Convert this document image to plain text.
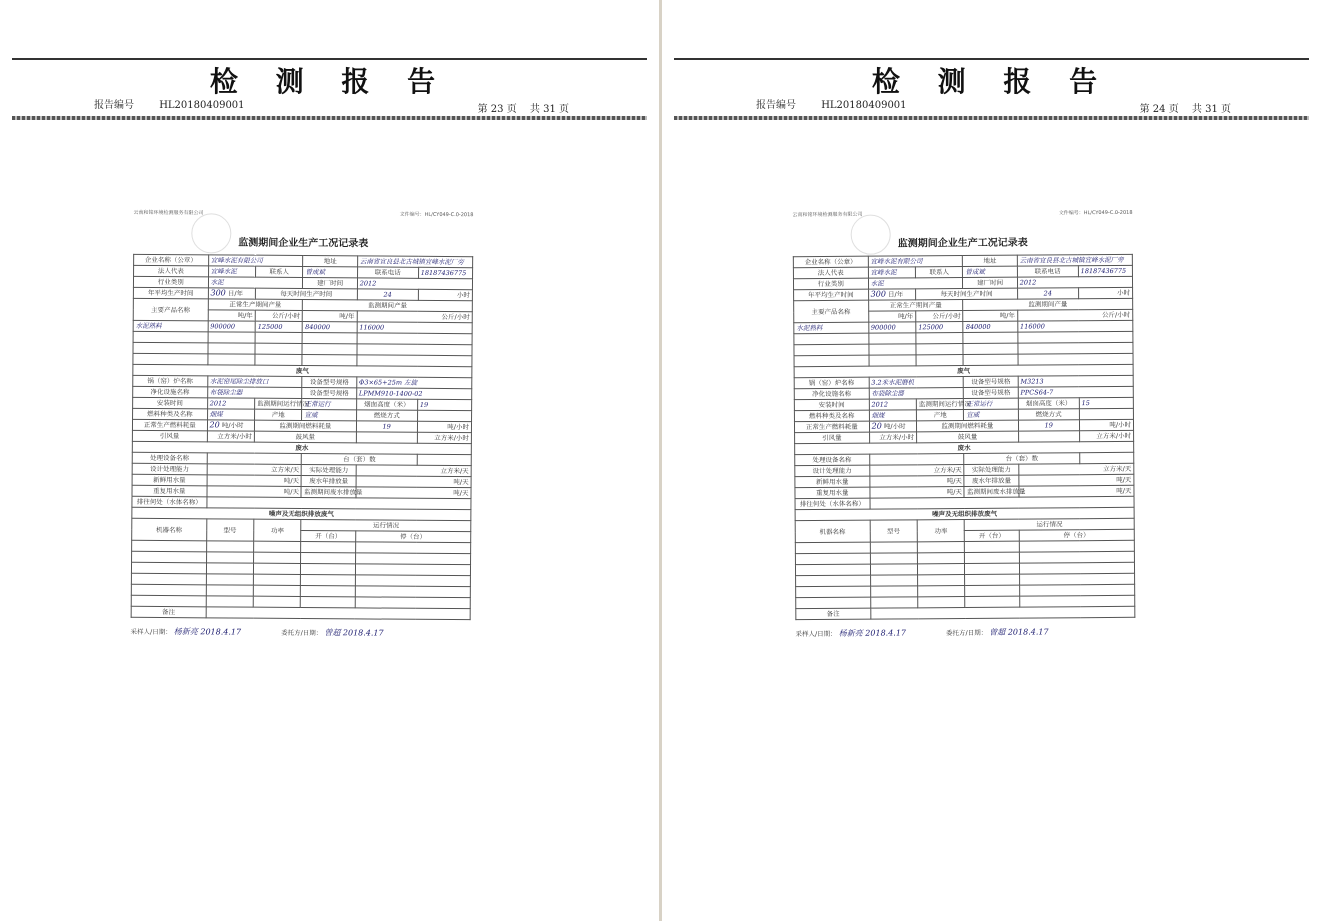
检 测 报 告
报告编号	HL20180409001	第 23 页 共 31 页
云南和铭环境检测服务有限公司	文件编号：HL/CY049-C.0-2018
监测期间企业生产工况记录表
企业名称（公章）	宜峰水泥有限公司		地址	云南省宜良县北古城镇宜峰水泥厂旁	
法人代表	宜峰水泥	联系人	曾成斌	联系电话	18187436775
行业类别	水泥		建厂时间	2012	
年平均生产时间	300 日/年	每天时间生产时间		24	小时
主要产品名称	正常生产期间产量		监测期间产量		
	吨/年	公斤/小时	吨/年	公斤/小时	
水泥熟料	900000	125000	840000	116000	

废气					
锅（窑）炉名称	水泥窑尾除尘排放口		设备型号规格	Φ3×65+25m 左旋	
净化设施名称	布袋除尘器		设备型号规格	LPMM910-1400-02	
安装时间	2012	监测期间运行情况	正常运行	烟囱高度（米）	19
燃料种类及名称	烟煤	产地	宣威	燃烧方式	
正常生产燃料耗量	20 吨/小时	监测期间燃料耗量		19	吨/小时
引风量	立方米/小时	鼓风量			立方米/小时
废水					
处理设备名称			台（套）数		
设计处理能力	立方米/天		实际处理能力	立方米/天	
新鲜用水量	吨/天		废水年排放量	吨/天	
重复用水量	吨/天		监测期间废水排放量	吨/天	
排往何处（水体名称）					
噪声及无组织排放废气					
机器名称	型号	功率	运行情况		
			开（台）	停（台）	

备注					
采样人/日期： 杨新亮 2018.4.17	委托方/日期： 曾超 2018.4.17
检 测 报 告
报告编号	HL20180409001	第 24 页 共 31 页
云南和铭环境检测服务有限公司	文件编号：HL/CY049-C.0-2018
监测期间企业生产工况记录表
企业名称（公章）	宜峰水泥有限公司		地址	云南省宜良县北古城镇宜峰水泥厂旁	
法人代表	宜峰水泥	联系人	曾成斌	联系电话	18187436775
行业类别	水泥		建厂时间	2012	
年平均生产时间	300 日/年	每天时间生产时间		24	小时
主要产品名称	正常生产期间产量		监测期间产量		
	吨/年	公斤/小时	吨/年	公斤/小时	
水泥熟料	900000	125000	840000	116000	

废气					
锅（窑）炉名称	3.2米水泥磨机		设备型号规格	M3213	
净化设施名称	布袋除尘器		设备型号规格	PPCS64-7	
安装时间	2012	监测期间运行情况	正常运行	烟囱高度（米）	15
燃料种类及名称	烟煤	产地	宣威	燃烧方式	
正常生产燃料耗量	20 吨/小时	监测期间燃料耗量		19	吨/小时
引风量	立方米/小时	鼓风量			立方米/小时
废水					
处理设备名称			台（套）数		
设计处理能力	立方米/天		实际处理能力	立方米/天	
新鲜用水量	吨/天		废水年排放量	吨/天	
重复用水量	吨/天		监测期间废水排放量	吨/天	
排往何处（水体名称）					
噪声及无组织排放废气					
机器名称	型号	功率	运行情况		
			开（台）	停（台）	

备注					
采样人/日期： 杨新亮 2018.4.17	委托方/日期： 曾超 2018.4.17
